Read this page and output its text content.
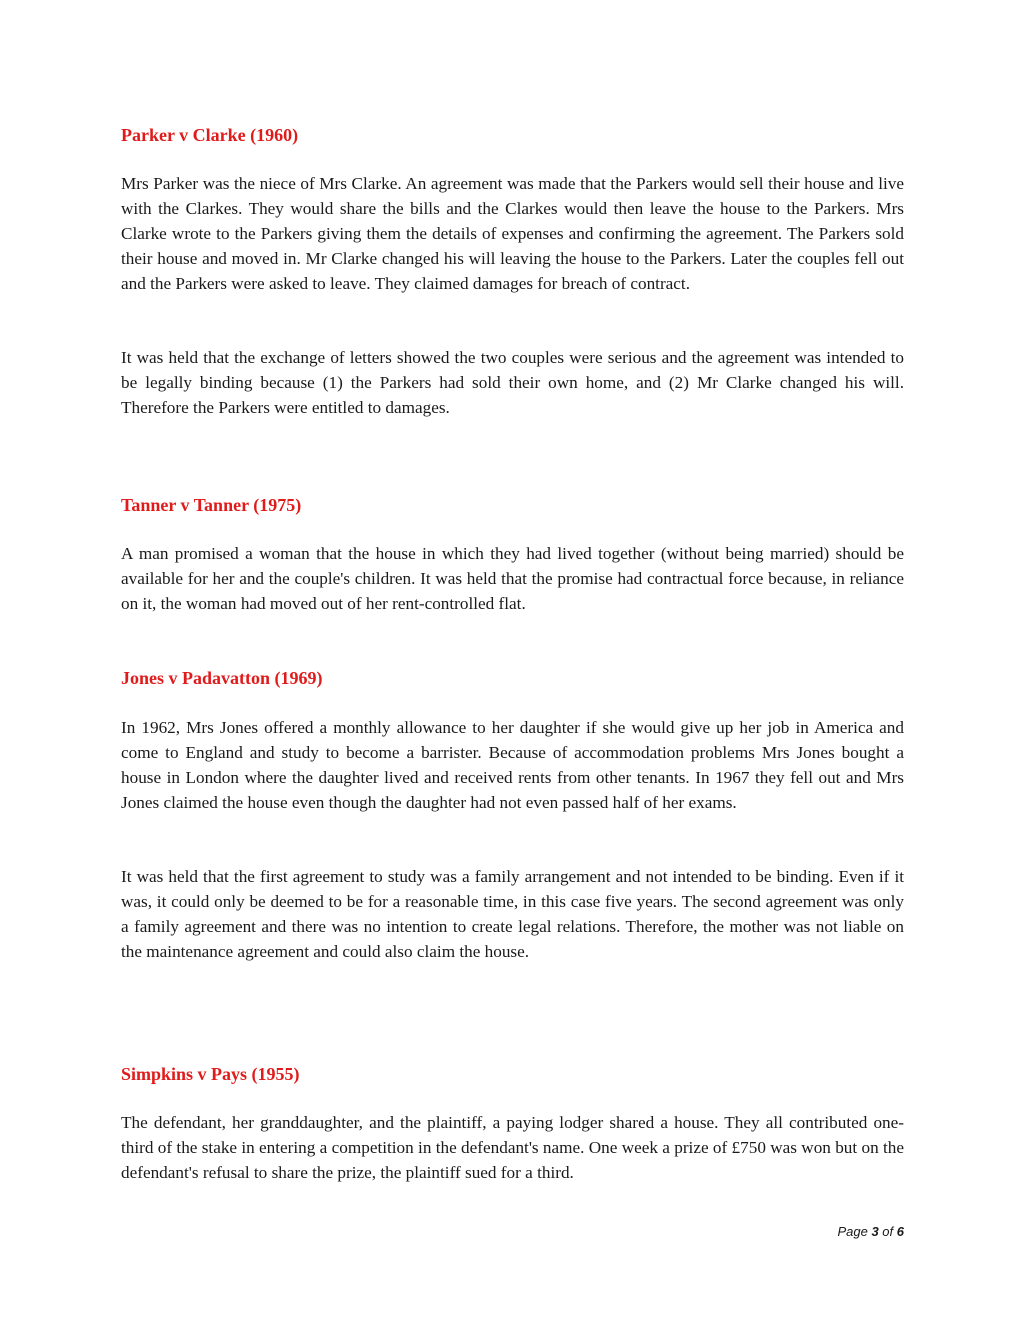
Parker v Clarke (1960)

Mrs Parker was the niece of Mrs Clarke. An agreement was made that the Parkers would sell their house and live with the Clarkes. They would share the bills and the Clarkes would then leave the house to the Parkers. Mrs Clarke wrote to the Parkers giving them the details of expenses and confirming the agreement. The Parkers sold their house and moved in. Mr Clarke changed his will leaving the house to the Parkers. Later the couples fell out and the Parkers were asked to leave. They claimed damages for breach of contract.

It was held that the exchange of letters showed the two couples were serious and the agreement was intended to be legally binding because (1) the Parkers had sold their own home, and (2) Mr Clarke changed his will. Therefore the Parkers were entitled to damages.

Tanner v Tanner (1975)

A man promised a woman that the house in which they had lived together (without being married) should be available for her and the couple's children. It was held that the promise had contractual force because, in reliance on it, the woman had moved out of her rent-controlled flat.

Jones v Padavatton (1969)

In 1962, Mrs Jones offered a monthly allowance to her daughter if she would give up her job in America and come to England and study to become a barrister. Because of accommodation problems Mrs Jones bought a house in London where the daughter lived and received rents from other tenants. In 1967 they fell out and Mrs Jones claimed the house even though the daughter had not even passed half of her exams.

It was held that the first agreement to study was a family arrangement and not intended to be binding. Even if it was, it could only be deemed to be for a reasonable time, in this case five years. The second agreement was only a family agreement and there was no intention to create legal relations. Therefore, the mother was not liable on the maintenance agreement and could also claim the house.

Simpkins v Pays (1955)

The defendant, her granddaughter, and the plaintiff, a paying lodger shared a house. They all contributed one-third of the stake in entering a competition in the defendant's name. One week a prize of £750 was won but on the defendant's refusal to share the prize, the plaintiff sued for a third.

Page 3 of 6
